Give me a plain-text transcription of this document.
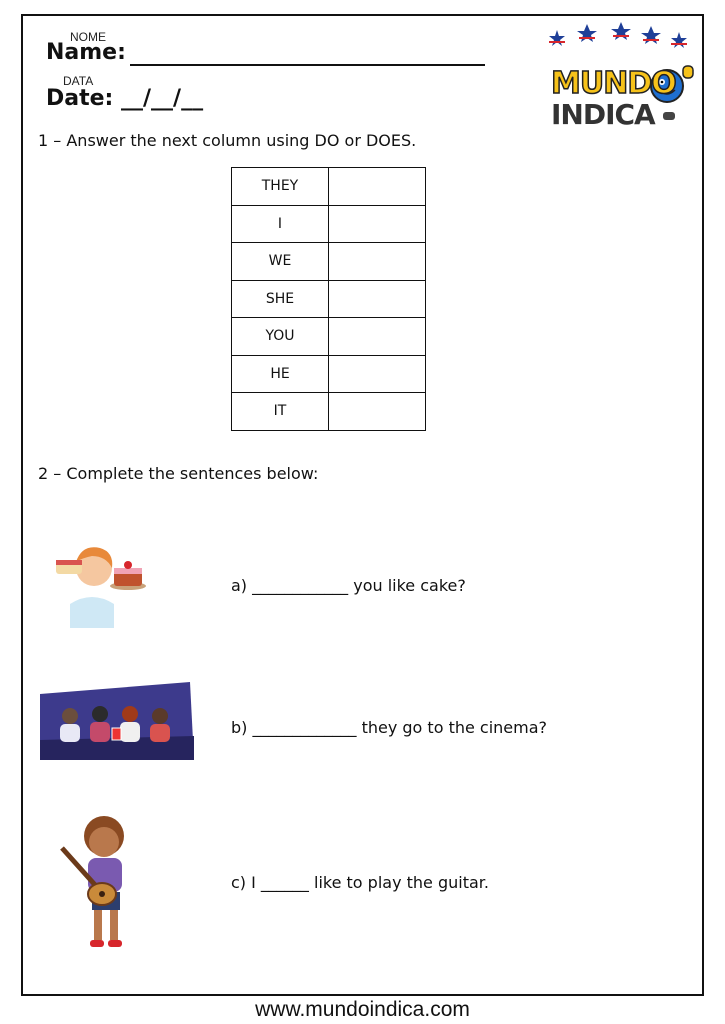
NOME
Name:
DATA
Date: __/__/__	MUNDO
INDICA
1 – Answer the next column using DO or DOES.
THEY	
I	
WE	
SHE	
YOU	
HE	
IT	
2 – Complete the sentences below:
a) ____________ you like cake?
b) _____________ they go to the cinema?
c) I ______ like to play the guitar.
www.mundoindica.com
